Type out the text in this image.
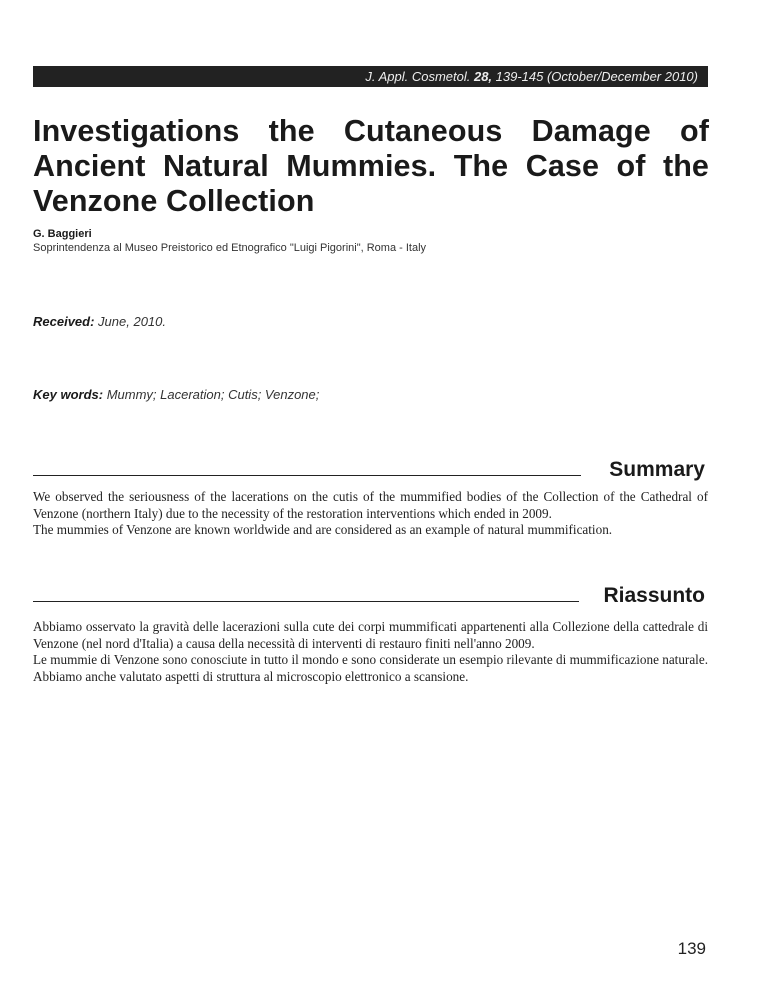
J. Appl. Cosmetol. 28, 139-145 (October/December 2010)
Investigations the Cutaneous Damage of Ancient Natural Mummies. The Case of the Venzone Collection
G. Baggieri
Soprintendenza al Museo Preistorico ed Etnografico "Luigi Pigorini", Roma - Italy
Received: June, 2010.
Key words: Mummy; Laceration; Cutis; Venzone;
Summary

We observed the seriousness of the lacerations on the cutis of the mummified bodies of the Collection of the Cathedral of Venzone (northern Italy) due to the necessity of the restoration interventions which ended in 2009.

The mummies of Venzone are known worldwide and are considered as an example of natural mummification.

Riassunto

Abbiamo osservato la gravità delle lacerazioni sulla cute dei corpi mummificati appartenenti alla Collezione della cattedrale di Venzone (nel nord d'Italia) a causa della necessità di interventi di restauro finiti nell'anno 2009.

Le mummie di Venzone sono conosciute in tutto il mondo e sono considerate un esempio rilevante di mummificazione naturale. Abbiamo anche valutato aspetti di struttura al microscopio elettronico a scansione.

139
